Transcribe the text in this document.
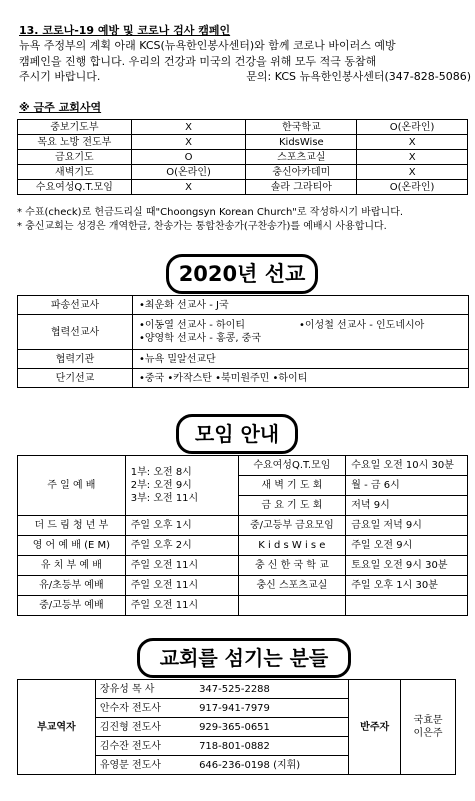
13. 코로나-19 예방 및 코로나 검사 캠페인
뉴욕 주정부의 계획 아래 KCS(뉴욕한인봉사센터)와 함께 코로나 바이러스 예방
캠페인을 진행 합니다. 우리의 건강과 미국의 건강을 위해 모두 적극 동참해
주시기 바랍니다.	문의: KCS 뉴욕한인봉사센터(347-828-5086)
※ 금주 교회사역
중보기도부	X	한국학교	O(온라인)
목요 노방 전도부	X	KidsWise	X
금요기도	O	스포츠교실	X
새벽기도	O(온라인)	충신아카데미	X
수요여성Q.T.모임	X	솔라 그라티아	O(온라인)
* 수표(check)로 헌금드리실 때"Choongsyn Korean Church"로 작성하시기 바랍니다.
* 충신교회는 성경은 개역한글, 찬송가는 통합찬송가(구찬송가)를 예배시 사용합니다.
2020년 선교
파송선교사	•최운화 선교사 - J국
협력선교사	•이동열 선교사 - 하이티 •이성철 선교사 - 인도네시아
•양영학 선교사 - 홍콩, 중국

협력기관	•뉴욕 밀알선교단
단기선교	•중국 •카작스탄 •북미원주민 •하이티
모임 안내
주 일 예 배	1부: 오전 8시
2부: 오전 9시
3부: 오전 11시	수요여성Q.T.모임	수요일 오전 10시 30분
		새 벽 기 도 회	월 - 금 6시
		금 요 기 도 회	저녁 9시
더 드 림 청 년 부	주일 오후 1시	중/고등부 금요모임	금요일 저녁 9시
영 어 예 배 (E M)	주일 오후 2시	K i d s W i s e	주일 오전 9시
유 치 부 예 배	주일 오전 11시	충 신 한 국 학 교	토요일 오전 9시 30분
유/초등부 예배	주일 오전 11시	충신 스포츠교실	주일 오후 1시 30분
중/고등부 예배	주일 오전 11시		
교회를 섬기는 분들
부교역자	장유성 목 사	347-525-2288	반주자	국효문
이은주

	안수자 전도사	917-941-7979		
	김진형 전도사	929-365-0651		
	김수잔 전도사	718-801-0882		
	유영문 전도사	646-236-0198 (지휘)		
